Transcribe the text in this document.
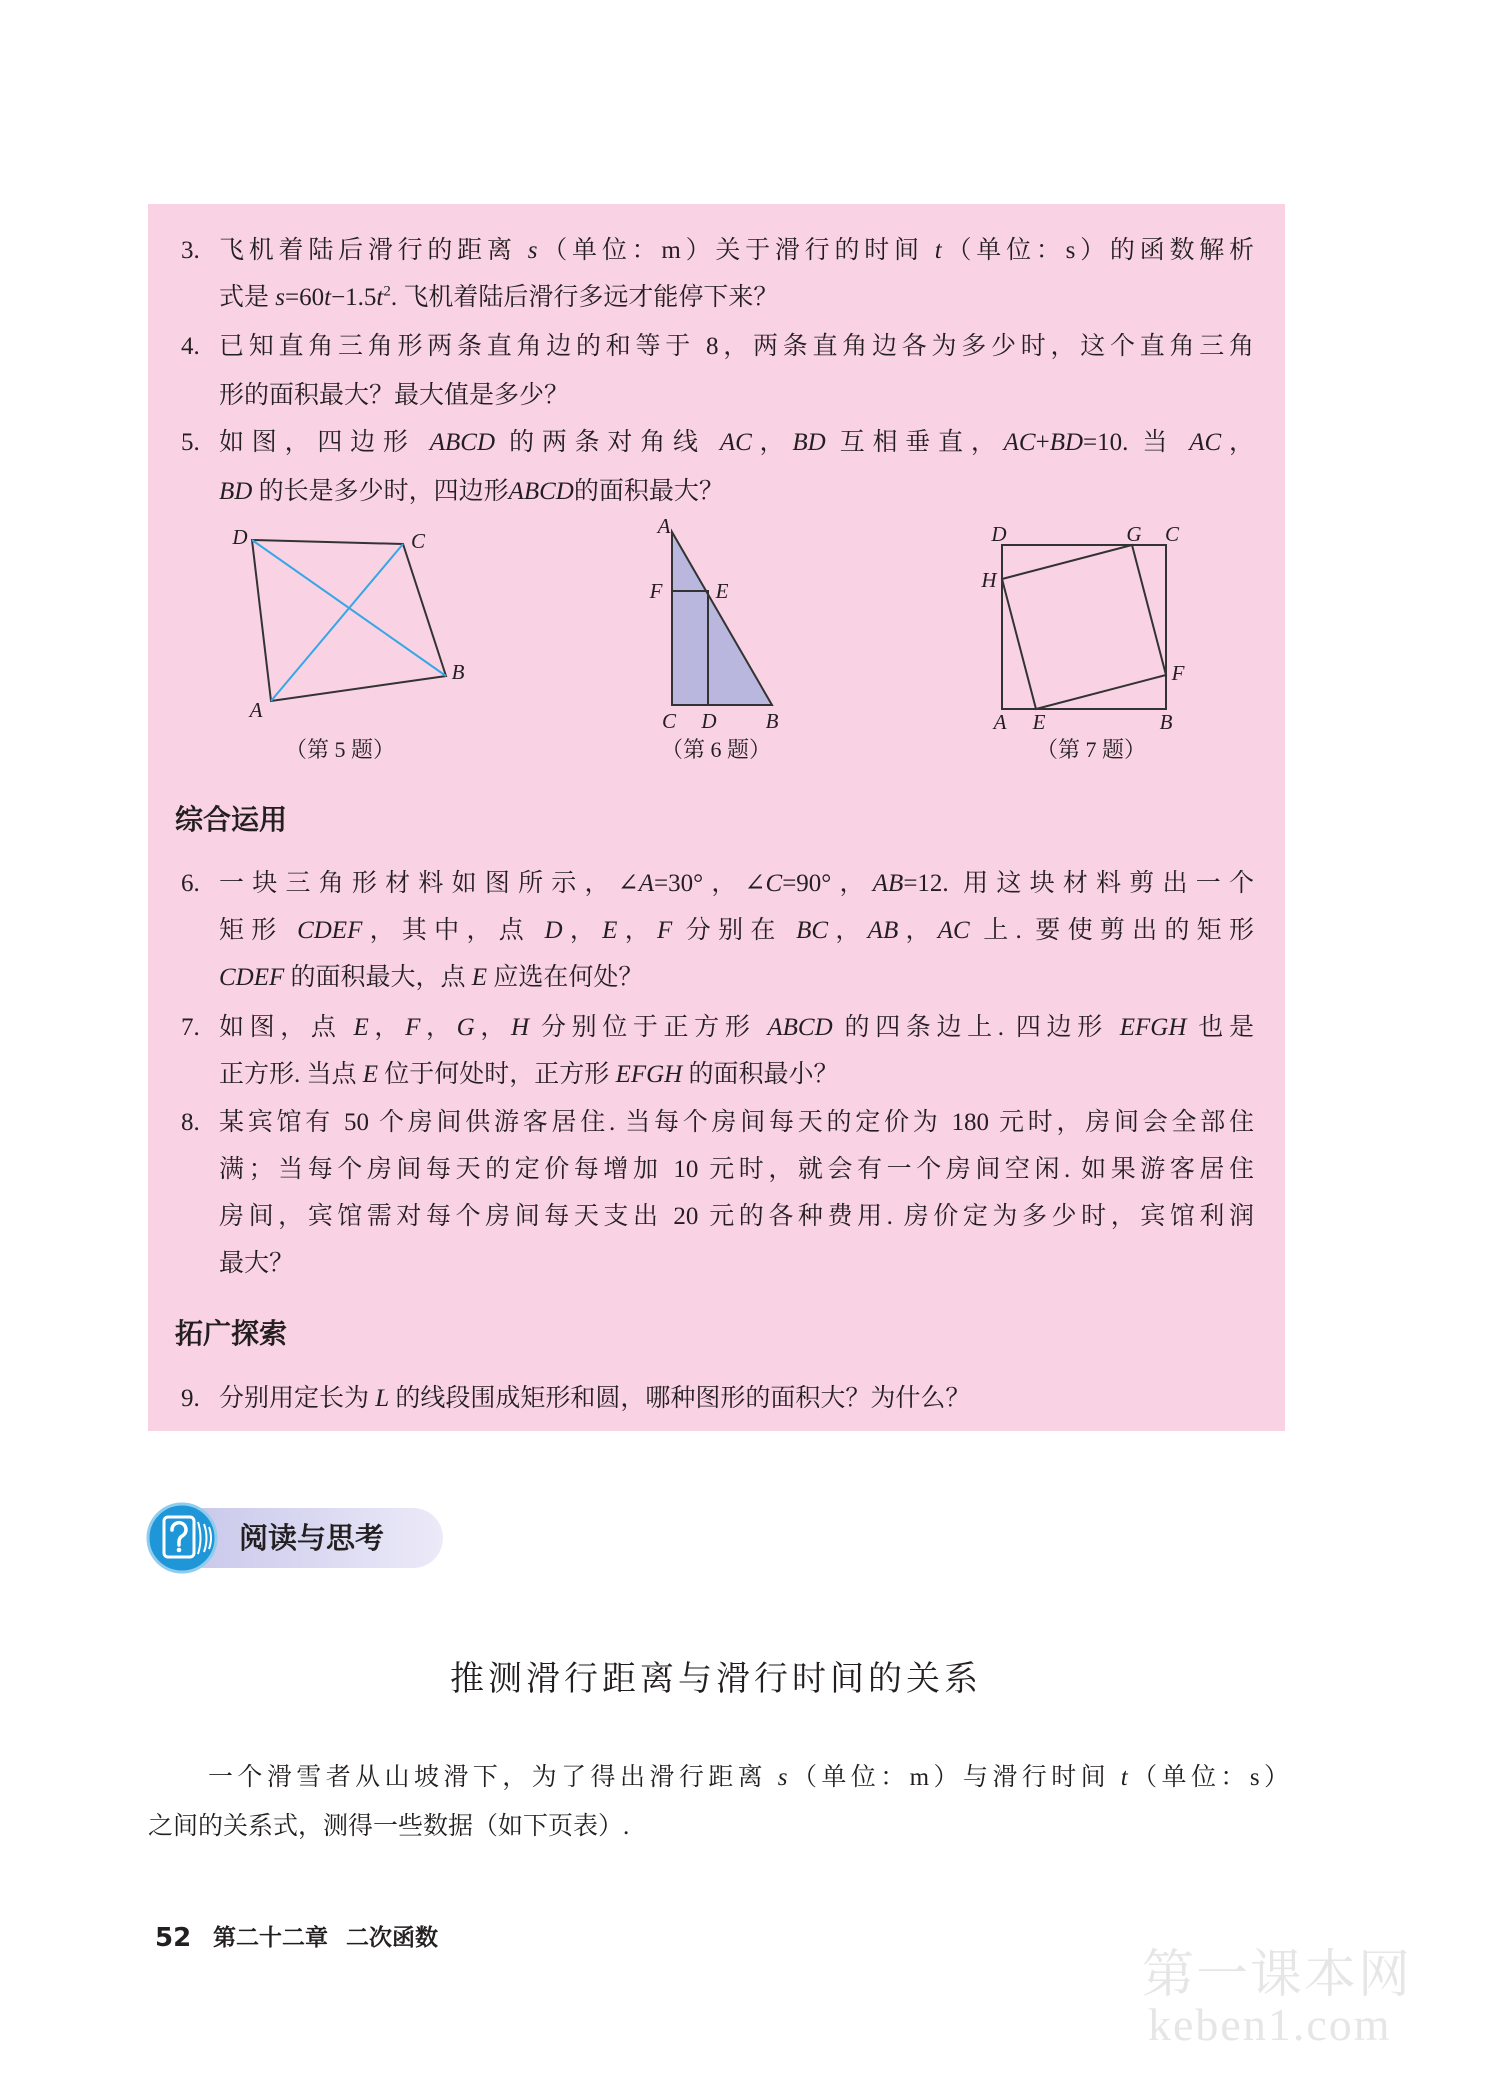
3. 飞机着陆后滑行的距离 s（单位：m）关于滑行的时间 t（单位：s）的函数解析
式是 $s=60t-1.5t^2$. 飞机着陆后滑行多远才能停下来？
4. 已知直角三角形两条直角边的和等于 8，两条直角边各为多少时，这个直角三角
形的面积最大？最大值是多少？
5. 如图，四边形 ABCD 的两条对角线 AC，BD 互相垂直，AC+BD=10. 当 AC，
BD 的长是多少时，四边形ABCD的面积最大？
D	C
B
A
A
F	E
C D B
D	G C
H
F
A E	B
（第 5 题）	（第 6 题）	（第 7 题）
综合运用
6. 一块三角形材料如图所示，∠A=30°，∠C=90°，AB=12. 用这块材料剪出一个
矩形 CDEF，其中，点 D，E，F 分别在 BC，AB，AC 上. 要使剪出的矩形
CDEF 的面积最大，点 E 应选在何处？
7. 如图，点 E，F，G，H 分别位于正方形 ABCD 的四条边上. 四边形 EFGH 也是
正方形. 当点 E 位于何处时，正方形 EFGH 的面积最小？
8. 某宾馆有 50 个房间供游客居住. 当每个房间每天的定价为 180 元时，房间会全部住
满；当每个房间每天的定价每增加 10 元时，就会有一个房间空闲. 如果游客居住
房间，宾馆需对每个房间每天支出 20 元的各种费用. 房价定为多少时，宾馆利润
最大？
拓广探索
9. 分别用定长为 L 的线段围成矩形和圆，哪种图形的面积大？为什么？
阅读与思考
推测滑行距离与滑行时间的关系
一个滑雪者从山坡滑下，为了得出滑行距离 s（单位：m）与滑行时间 t（单位：s）
之间的关系式，测得一些数据（如下页表）.
52 第二十二章 二次函数
第一课本网
keben1.com
